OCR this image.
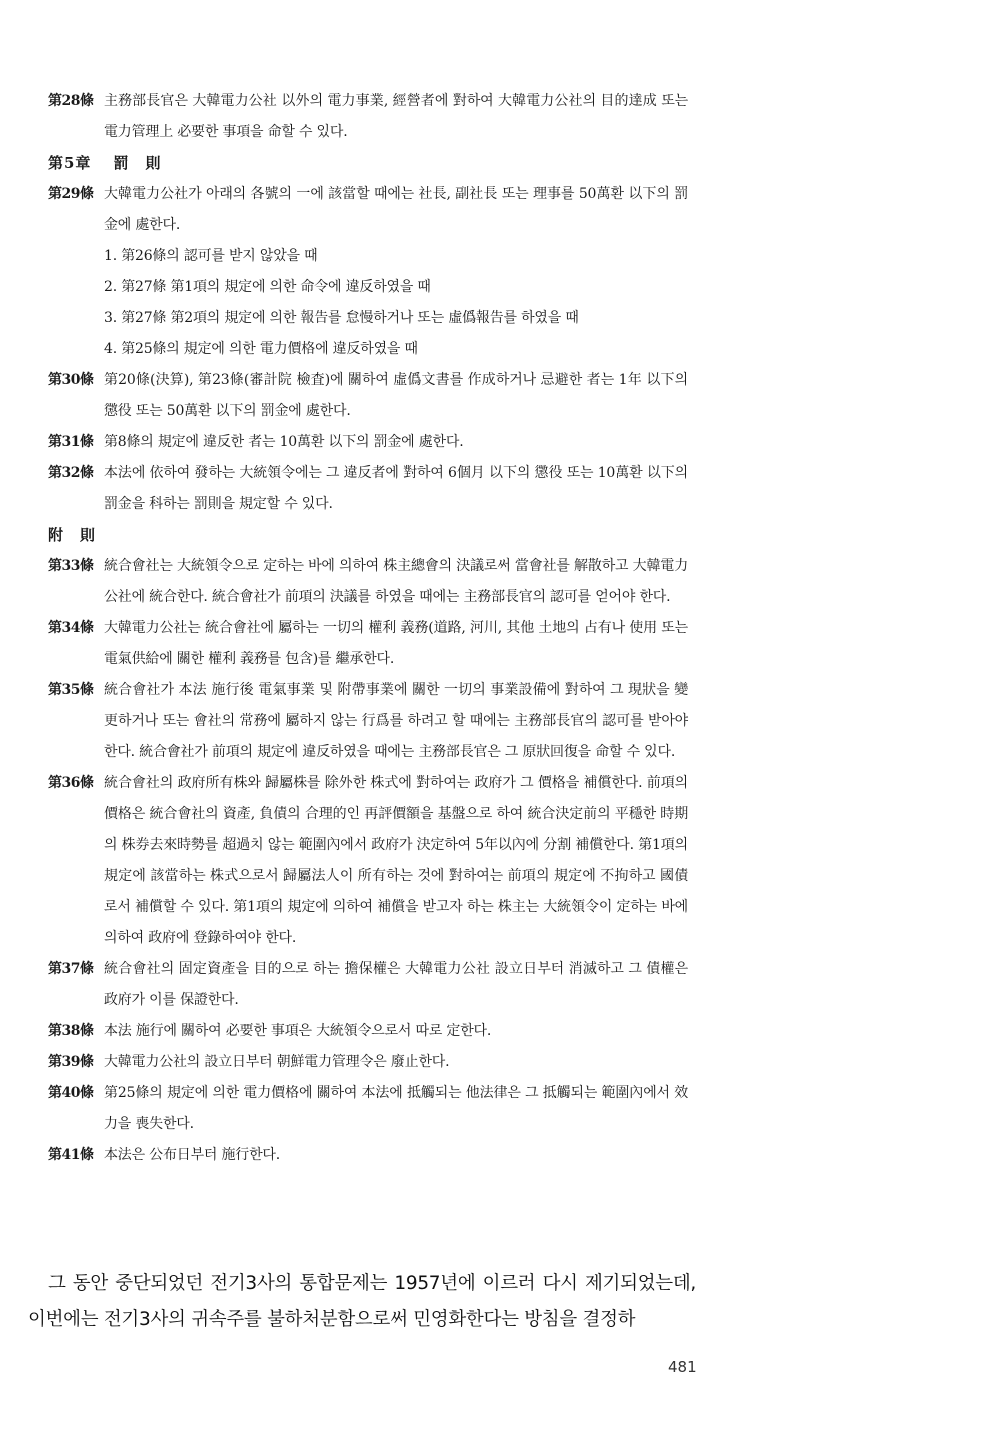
第28條 主務部長官은 大韓電力公社 以外의 電力事業, 經營者에 對하여 大韓電力公社의 目的達成 또는 電力管理上 必要한 事項을 命할 수 있다.
第5章 罰　則
第29條 大韓電力公社가 아래의 各號의 一에 該當할 때에는 社長, 副社長 또는 理事를 50萬환 以下의 罰金에 處한다.
1. 第26條의 認可를 받지 않았을 때
2. 第27條 第1項의 規定에 의한 命令에 違反하였을 때
3. 第27條 第2項의 規定에 의한 報告를 怠慢하거나 또는 虛僞報告를 하였을 때
4. 第25條의 規定에 의한 電力價格에 違反하였을 때
第30條 第20條(決算), 第23條(審計院 檢査)에 關하여 虛僞文書를 作成하거나 忌避한 者는 1年 以下의 懲役 또는 50萬환 以下의 罰金에 處한다.
第31條 第8條의 規定에 違反한 者는 10萬환 以下의 罰金에 處한다.
第32條 本法에 依하여 發하는 大統領令에는 그 違反者에 對하여 6個月 以下의 懲役 또는 10萬환 以下의 罰金을 科하는 罰則을 規定할 수 있다.
附　則
第33條 統合會社는 大統領令으로 定하는 바에 의하여 株主總會의 決議로써 當會社를 解散하고 大韓電力公社에 統合한다. 統合會社가 前項의 決議를 하였을 때에는 主務部長官의 認可를 얻어야 한다.
第34條 大韓電力公社는 統合會社에 屬하는 一切의 權利 義務(道路, 河川, 其他 土地의 占有나 使用 또는 電氣供給에 關한 權利 義務를 包含)를 繼承한다.
第35條 統合會社가 本法 施行後 電氣事業 및 附帶事業에 關한 一切의 事業設備에 對하여 그 現狀을 變更하거나 또는 會社의 常務에 屬하지 않는 行爲를 하려고 할 때에는 主務部長官의 認可를 받아야 한다. 統合會社가 前項의 規定에 違反하였을 때에는 主務部長官은 그 原狀回復을 命할 수 있다.
第36條 統合會社의 政府所有株와 歸屬株를 除外한 株式에 對하여는 政府가 그 價格을 補償한다. 前項의 價格은 統合會社의 資產, 負債의 合理的인 再評價額을 基盤으로 하여 統合決定前의 平穩한 時期의 株券去來時勢를 超過치 않는 範圍內에서 政府가 決定하여 5年以內에 分割 補償한다. 第1項의 規定에 該當하는 株式으로서 歸屬法人이 所有하는 것에 對하여는 前項의 規定에 不拘하고 國債로서 補償할 수 있다. 第1項의 規定에 의하여 補償을 받고자 하는 株主는 大統領令이 定하는 바에 의하여 政府에 登錄하여야 한다.
第37條 統合會社의 固定資產을 目的으로 하는 擔保權은 大韓電力公社 設立日부터 消滅하고 그 債權은 政府가 이를 保證한다.
第38條 本法 施行에 關하여 必要한 事項은 大統領令으로서 따로 定한다.
第39條 大韓電力公社의 設立日부터 朝鮮電力管理令은 廢止한다.
第40條 第25條의 規定에 의한 電力價格에 關하여 本法에 抵觸되는 他法律은 그 抵觸되는 範圍內에서 效力을 喪失한다.
第41條 本法은 公布日부터 施行한다.
그 동안 중단되었던 전기3사의 통합문제는 1957년에 이르러 다시 제기되었는데, 이번에는 전기3사의 귀속주를 불하처분함으로써 민영화한다는 방침을 결정하
481
